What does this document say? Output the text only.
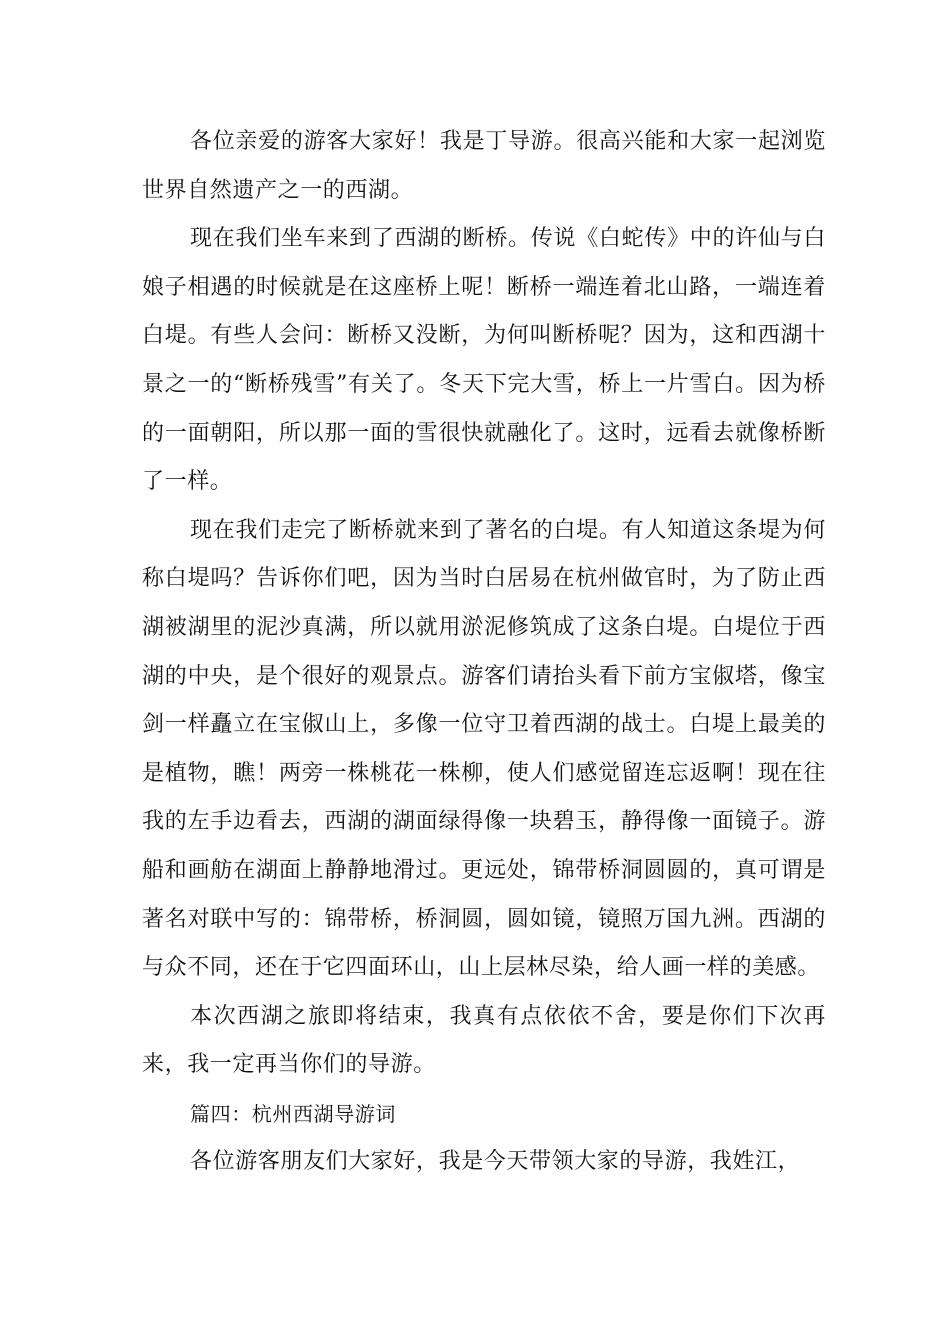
各位亲爱的游客大家好！我是丁导游。很高兴能和大家一起浏览世界自然遗产之一的西湖。

现在我们坐车来到了西湖的断桥。传说《白蛇传》中的许仙与白娘子相遇的时候就是在这座桥上呢！断桥一端连着北山路，一端连着白堤。有些人会问：断桥又没断，为何叫断桥呢？因为，这和西湖十景之一的“断桥残雪”有关了。冬天下完大雪，桥上一片雪白。因为桥的一面朝阳，所以那一面的雪很快就融化了。这时，远看去就像桥断了一样。

现在我们走完了断桥就来到了著名的白堤。有人知道这条堤为何称白堤吗？告诉你们吧，因为当时白居易在杭州做官时，为了防止西湖被湖里的泥沙真满，所以就用淤泥修筑成了这条白堤。白堤位于西湖的中央，是个很好的观景点。游客们请抬头看下前方宝俶塔，像宝剑一样矗立在宝俶山上，多像一位守卫着西湖的战士。白堤上最美的是植物，瞧！两旁一株桃花一株柳，使人们感觉留连忘返啊！现在往我的左手边看去，西湖的湖面绿得像一块碧玉，静得像一面镜子。游船和画舫在湖面上静静地滑过。更远处，锦带桥洞圆圆的，真可谓是著名对联中写的：锦带桥，桥洞圆，圆如镜，镜照万国九洲。西湖的与众不同，还在于它四面环山，山上层林尽染，给人画一样的美感。

本次西湖之旅即将结束，我真有点依依不舍，要是你们下次再来，我一定再当你们的导游。

篇四：杭州西湖导游词

各位游客朋友们大家好，我是今天带领大家的导游，我姓江，
